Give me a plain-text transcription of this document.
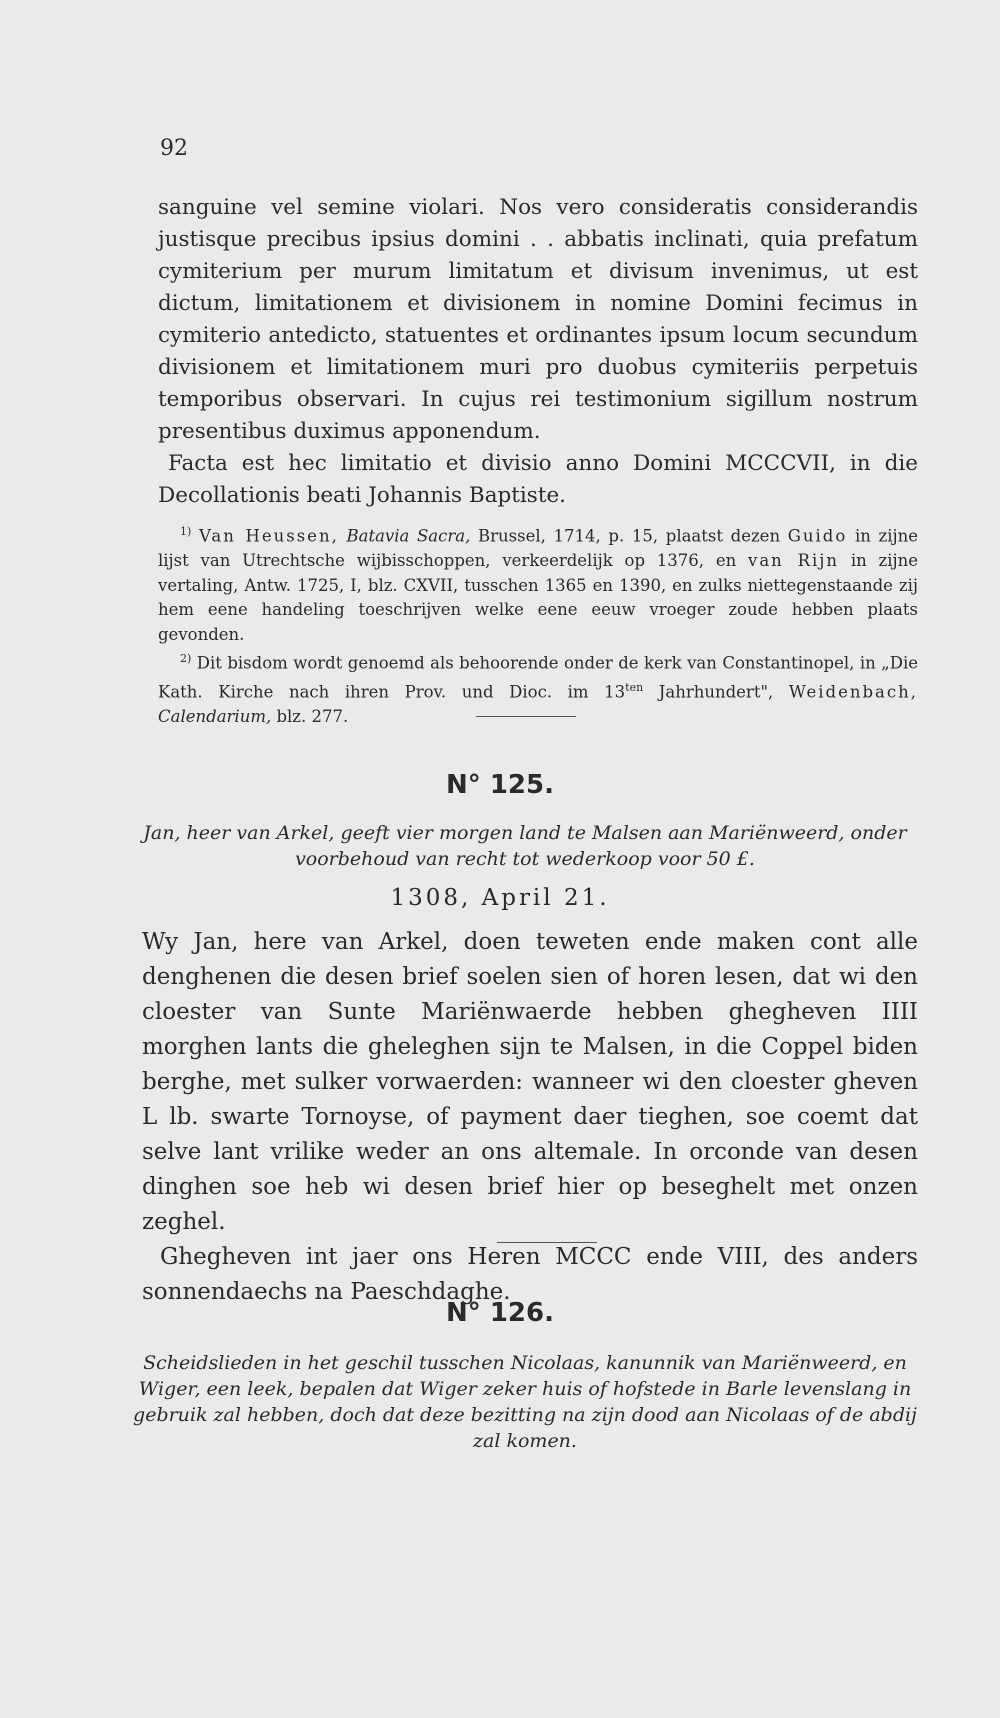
92

sanguine vel semine violari. Nos vero consideratis considerandis justisque precibus ipsius domini . . abbatis inclinati, quia prefatum cymiterium per murum limitatum et divisum invenimus, ut est dictum, limitationem et divisionem in nomine Domini fecimus in cymiterio antedicto, statuentes et ordinantes ipsum locum secundum divisionem et limitationem muri pro duobus cymiteriis perpetuis temporibus observari. In cujus rei testimonium sigillum nostrum presentibus duximus apponendum.

Facta est hec limitatio et divisio anno Domini MCCCVII, in die Decollationis beati Johannis Baptiste.

$^{1)}$ Van Heussen, Batavia Sacra, Brussel, 1714, p. 15, plaatst dezen Guido in zijne lijst van Utrechtsche wijbisschoppen, verkeerdelijk op 1376, en van Rijn in zijne vertaling, Antw. 1725, I, blz. CXVII, tusschen 1365 en 1390, en zulks niettegenstaande zij hem eene handeling toeschrijven welke eene eeuw vroeger zoude hebben plaats gevonden.

$^{2)}$ Dit bisdom wordt genoemd als behoorende onder de kerk van Constantinopel, in „Die Kath. Kirche nach ihren Prov. und Dioc. im $13^{ten}$ Jahrhundert", Weidenbach, Calendarium, blz. 277.

N° 125.
Jan, heer van Arkel, geeft vier morgen land te Malsen aan Mariënweerd, onder voorbehoud van recht tot wederkoop voor 50 £.
1308, April 21.

Wy Jan, here van Arkel, doen teweten ende maken cont alle denghenen die desen brief soelen sien of horen lesen, dat wi den cloester van Sunte Mariënwaerde hebben ghegheven IIII morghen lants die gheleghen sijn te Malsen, in die Coppel biden berghe, met sulker vorwaerden: wanneer wi den cloester gheven L lb. swarte Tornoyse, of payment daer tieghen, soe coemt dat selve lant vrilike weder an ons altemale. In orconde van desen dinghen soe heb wi desen brief hier op beseghelt met onzen zeghel.

Ghegheven int jaer ons Heren MCCC ende VIII, des anders sonnendaechs na Paeschdaghe.

N° 126.
Scheidslieden in het geschil tusschen Nicolaas, kanunnik van Mariënweerd, en Wiger, een leek, bepalen dat Wiger zeker huis of hofstede in Barle levenslang in gebruik zal hebben, doch dat deze bezitting na zijn dood aan Nicolaas of de abdij zal komen.
